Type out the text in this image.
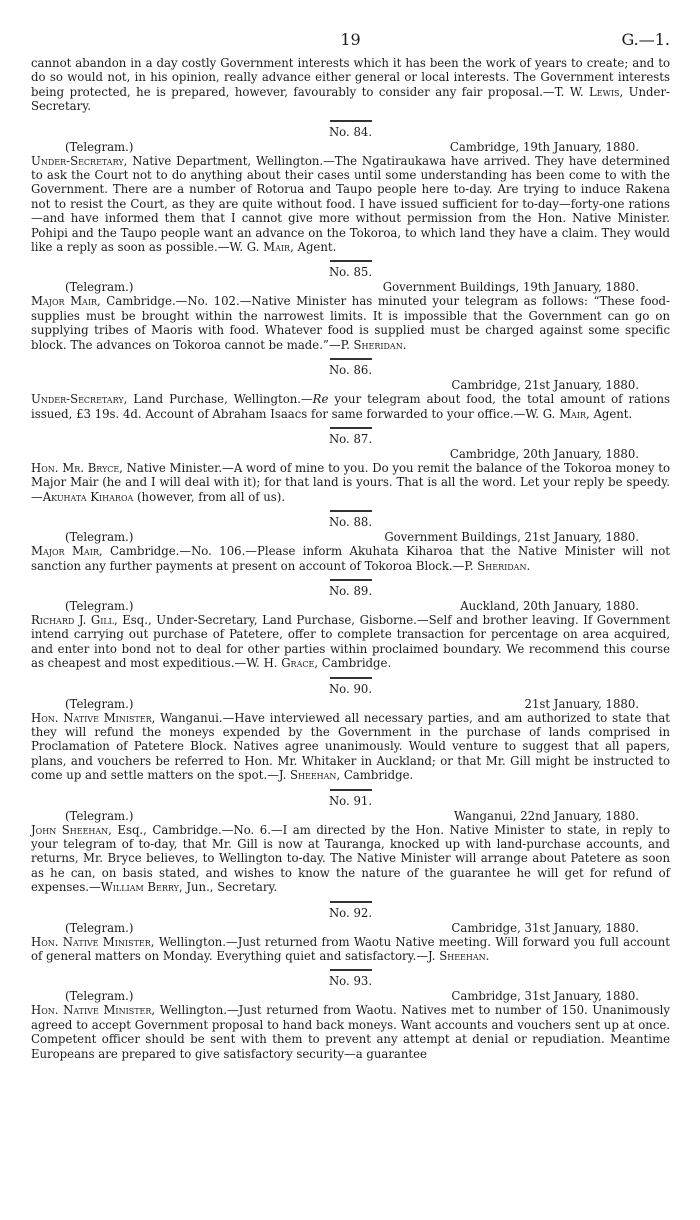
19	G.—1.

cannot abandon in a day costly Government interests which it has been the work of years to create; and to do so would not, in his opinion, really advance either general or local interests. The Government interests being protected, he is prepared, however, favourably to consider any fair proposal.—T. W. Lewis, Under-Secretary.

No. 84.
(Telegram.)	Cambridge, 19th January, 1880.

Under-Secretary, Native Department, Wellington.—The Ngatiraukawa have arrived. They have determined to ask the Court not to do anything about their cases until some understanding has been come to with the Government. There are a number of Rotorua and Taupo people here to-day. Are trying to induce Rakena not to resist the Court, as they are quite without food. I have issued sufficient for to-day—forty-one rations—and have informed them that I cannot give more without permission from the Hon. Native Minister. Pohipi and the Taupo people want an advance on the Tokoroa, to which land they have a claim. They would like a reply as soon as possible.—W. G. Mair, Agent.

No. 85.
(Telegram.)	Government Buildings, 19th January, 1880.

Major Mair, Cambridge.—No. 102.—Native Minister has minuted your telegram as follows: “These food-supplies must be brought within the narrowest limits. It is impossible that the Government can go on supplying tribes of Maoris with food. Whatever food is supplied must be charged against some specific block. The advances on Tokoroa cannot be made.”—P. Sheridan.

No. 86.
Cambridge, 21st January, 1880.

Under-Secretary, Land Purchase, Wellington.—Re your telegram about food, the total amount of rations issued, £3 19s. 4d. Account of Abraham Isaacs for same forwarded to your office.—W. G. Mair, Agent.

No. 87.
Cambridge, 20th January, 1880.

Hon. Mr. Bryce, Native Minister.—A word of mine to you. Do you remit the balance of the Tokoroa money to Major Mair (he and I will deal with it); for that land is yours. That is all the word. Let your reply be speedy.—Akuhata Kiharoa (however, from all of us).

No. 88.
(Telegram.)	Government Buildings, 21st January, 1880.

Major Mair, Cambridge.—No. 106.—Please inform Akuhata Kiharoa that the Native Minister will not sanction any further payments at present on account of Tokoroa Block.—P. Sheridan.

No. 89.
(Telegram.)	Auckland, 20th January, 1880.

Richard J. Gill, Esq., Under-Secretary, Land Purchase, Gisborne.—Self and brother leaving. If Government intend carrying out purchase of Patetere, offer to complete transaction for percentage on area acquired, and enter into bond not to deal for other parties within proclaimed boundary. We recommend this course as cheapest and most expeditious.—W. H. Grace, Cambridge.

No. 90.
(Telegram.)	21st January, 1880.

Hon. Native Minister, Wanganui.—Have interviewed all necessary parties, and am authorized to state that they will refund the moneys expended by the Government in the purchase of lands comprised in Proclamation of Patetere Block. Natives agree unanimously. Would venture to suggest that all papers, plans, and vouchers be referred to Hon. Mr. Whitaker in Auckland; or that Mr. Gill might be instructed to come up and settle matters on the spot.—J. Sheehan, Cambridge.

No. 91.
(Telegram.)	Wanganui, 22nd January, 1880.

John Sheehan, Esq., Cambridge.—No. 6.—I am directed by the Hon. Native Minister to state, in reply to your telegram of to-day, that Mr. Gill is now at Tauranga, knocked up with land-purchase accounts, and returns, Mr. Bryce believes, to Wellington to-day. The Native Minister will arrange about Patetere as soon as he can, on basis stated, and wishes to know the nature of the guarantee he will get for refund of expenses.—William Berry, Jun., Secretary.

No. 92.
(Telegram.)	Cambridge, 31st January, 1880.

Hon. Native Minister, Wellington.—Just returned from Waotu Native meeting. Will forward you full account of general matters on Monday. Everything quiet and satisfactory.—J. Sheehan.

No. 93.
(Telegram.)	Cambridge, 31st January, 1880.

Hon. Native Minister, Wellington.—Just returned from Waotu. Natives met to number of 150. Unanimously agreed to accept Government proposal to hand back moneys. Want accounts and vouchers sent up at once. Competent officer should be sent with them to prevent any attempt at denial or repudiation. Meantime Europeans are prepared to give satisfactory security—a guarantee
